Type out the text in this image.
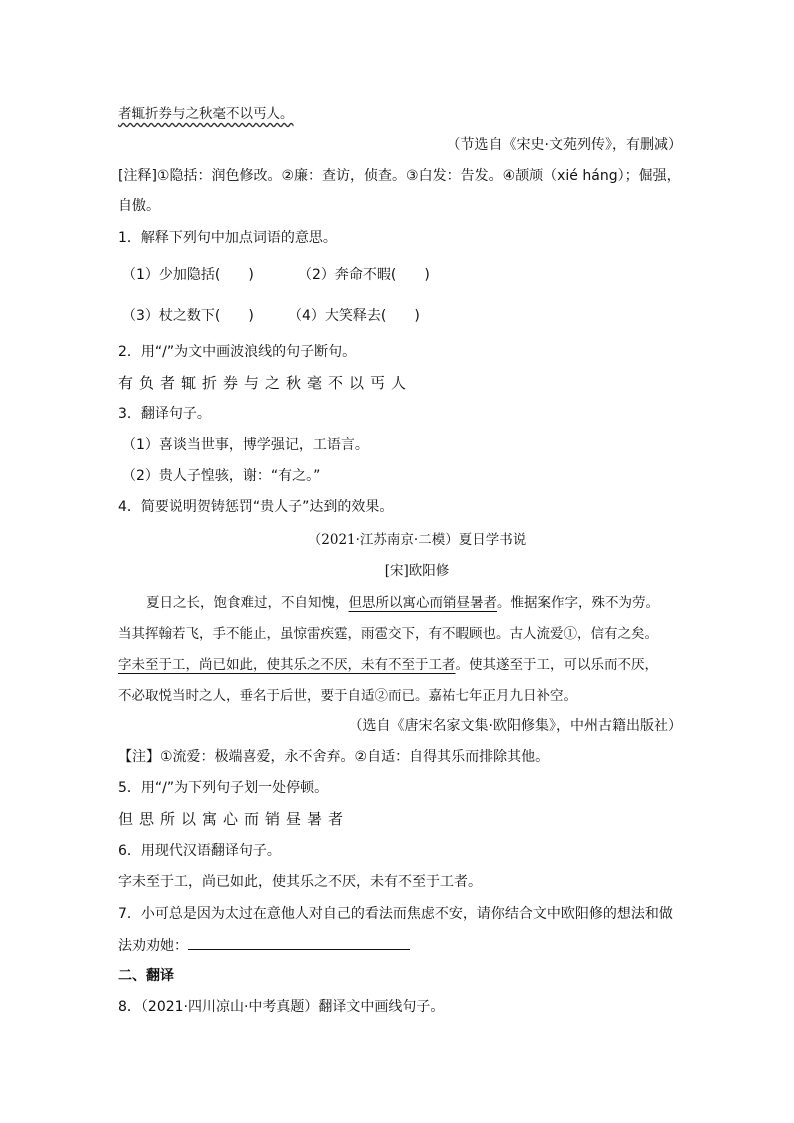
者辄折券与之秋毫不以丐人。
（节选自《宋史·文苑列传》，有删减）
[注释]①隐括：润色修改。②廉：查访，侦查。③白发：告发。④颉颃（xié háng）；倔强，
自傲。
1．解释下列句中加点词语的意思。
（1）少加隐括(　　)	（2）奔命不暇(　　)
（3）杖之数下(　　) （4）大笑释去(　　)
2．用“/”为文中画波浪线的句子断句。
有负者辄折券与之秋毫不以丐人
3．翻译句子。
（1）喜谈当世事，博学强记，工语言。
（2）贵人子惶骇，谢：“有之。”
4．简要说明贺铸惩罚“贵人子”达到的效果。
（2021·江苏南京·二模）夏日学书说
[宋]欧阳修
夏日之长，饱食难过，不自知愧，但思所以寓心而销昼暑者。惟据案作字，殊不为劳。
当其挥翰若飞，手不能止，虽惊雷疾霆，雨雹交下，有不暇顾也。古人流爱①，信有之矣。
字未至于工，尚已如此，使其乐之不厌，未有不至于工者。使其遂至于工，可以乐而不厌，
不必取悦当时之人，垂名于后世，要于自适②而已。嘉祐七年正月九日补空。
（选自《唐宋名家文集·欧阳修集》，中州古籍出版社）
【注】①流爱：极端喜爱，永不舍弃。②自适：自得其乐而排除其他。
5．用“/”为下列句子划一处停顿。
但思所以寓心而销昼暑者
6．用现代汉语翻译句子。
字未至于工，尚已如此，使其乐之不厌，未有不至于工者。
7．小可总是因为太过在意他人对自己的看法而焦虑不安，请你结合文中欧阳修的想法和做
法劝劝她：
二、翻译
8．（2021·四川凉山·中考真题）翻译文中画线句子。
